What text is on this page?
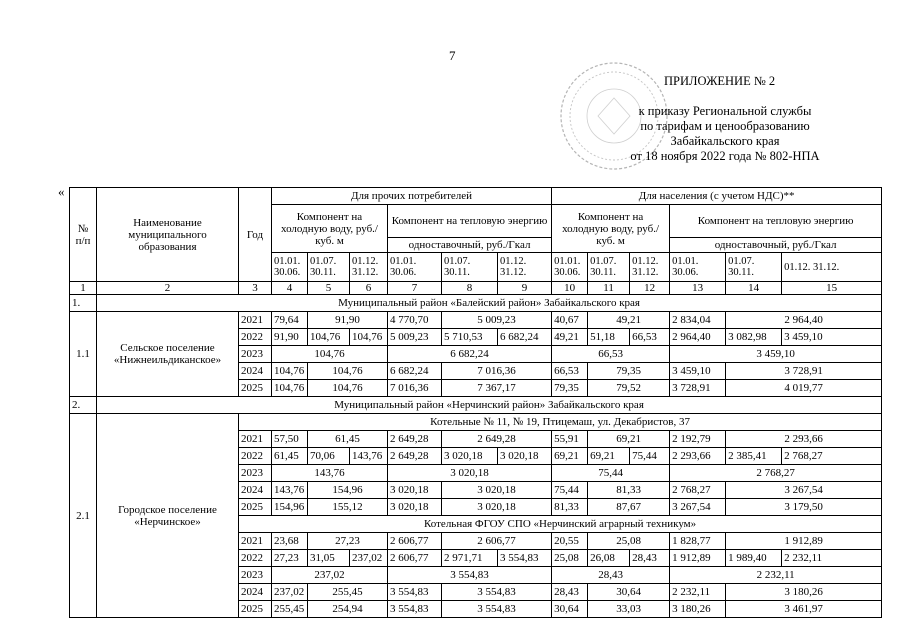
7
ПРИЛОЖЕНИЕ № 2
к приказу Региональной службы
по тарифам и ценообразованию
Забайкальского края
от 18 ноября 2022 года № 802-НПА
«
№ п/п	Наименование муниципального образования	Год	Для прочих потребителей						Для населения (с учетом НДС)**					
			Компонент на холодную воду, руб./куб. м			Компонент на тепловую энергию			Компонент на холодную воду, руб./куб. м			Компонент на тепловую энергию		
						одноставочный, руб./Гкал						одноставочный, руб./Гкал		
			01.01. 30.06.	01.07. 30.11.	01.12. 31.12.	01.01. 30.06.	01.07. 30.11.	01.12. 31.12.	01.01. 30.06.	01.07. 30.11.	01.12. 31.12.	01.01. 30.06.	01.07. 30.11.	01.12. 31.12.
1	2	3	4	5	6	7	8	9	10	11	12	13	14	15
1.	Муниципальный район «Балейский район» Забайкальского края													
1.1	Сельское поселение «Нижнеильдиканское»	2021	79,64	91,90		4 770,70	5 009,23		40,67	49,21		2 834,04	2 964,40	
		2022	91,90	104,76	104,76	5 009,23	5 710,53	6 682,24	49,21	51,18	66,53	2 964,40	3 082,98	3 459,10
		2023	104,76			6 682,24			66,53			3 459,10		
		2024	104,76	104,76		6 682,24	7 016,36		66,53	79,35		3 459,10	3 728,91	
		2025	104,76	104,76		7 016,36	7 367,17		79,35	79,52		3 728,91	4 019,77	
2.	Муниципальный район «Нерчинский район» Забайкальского края													
2.1	Городское поселение «Нерчинское»	Котельные № 11, № 19, Птицемаш, ул. Декабристов, 37												
		2021	57,50	61,45		2 649,28	2 649,28		55,91	69,21		2 192,79	2 293,66	
		2022	61,45	70,06	143,76	2 649,28	3 020,18	3 020,18	69,21	69,21	75,44	2 293,66	2 385,41	2 768,27
		2023	143,76			3 020,18			75,44			2 768,27		
		2024	143,76	154,96		3 020,18	3 020,18		75,44	81,33		2 768,27	3 267,54	
		2025	154,96	155,12		3 020,18	3 020,18		81,33	87,67		3 267,54	3 179,50	
		Котельная ФГОУ СПО «Нерчинский аграрный техникум»												
		2021	23,68	27,23		2 606,77	2 606,77		20,55	25,08		1 828,77	1 912,89	
		2022	27,23	31,05	237,02	2 606,77	2 971,71	3 554,83	25,08	26,08	28,43	1 912,89	1 989,40	2 232,11
		2023	237,02			3 554,83			28,43			2 232,11		
		2024	237,02	255,45		3 554,83	3 554,83		28,43	30,64		2 232,11	3 180,26	
		2025	255,45	254,94		3 554,83	3 554,83		30,64	33,03		3 180,26	3 461,97	
